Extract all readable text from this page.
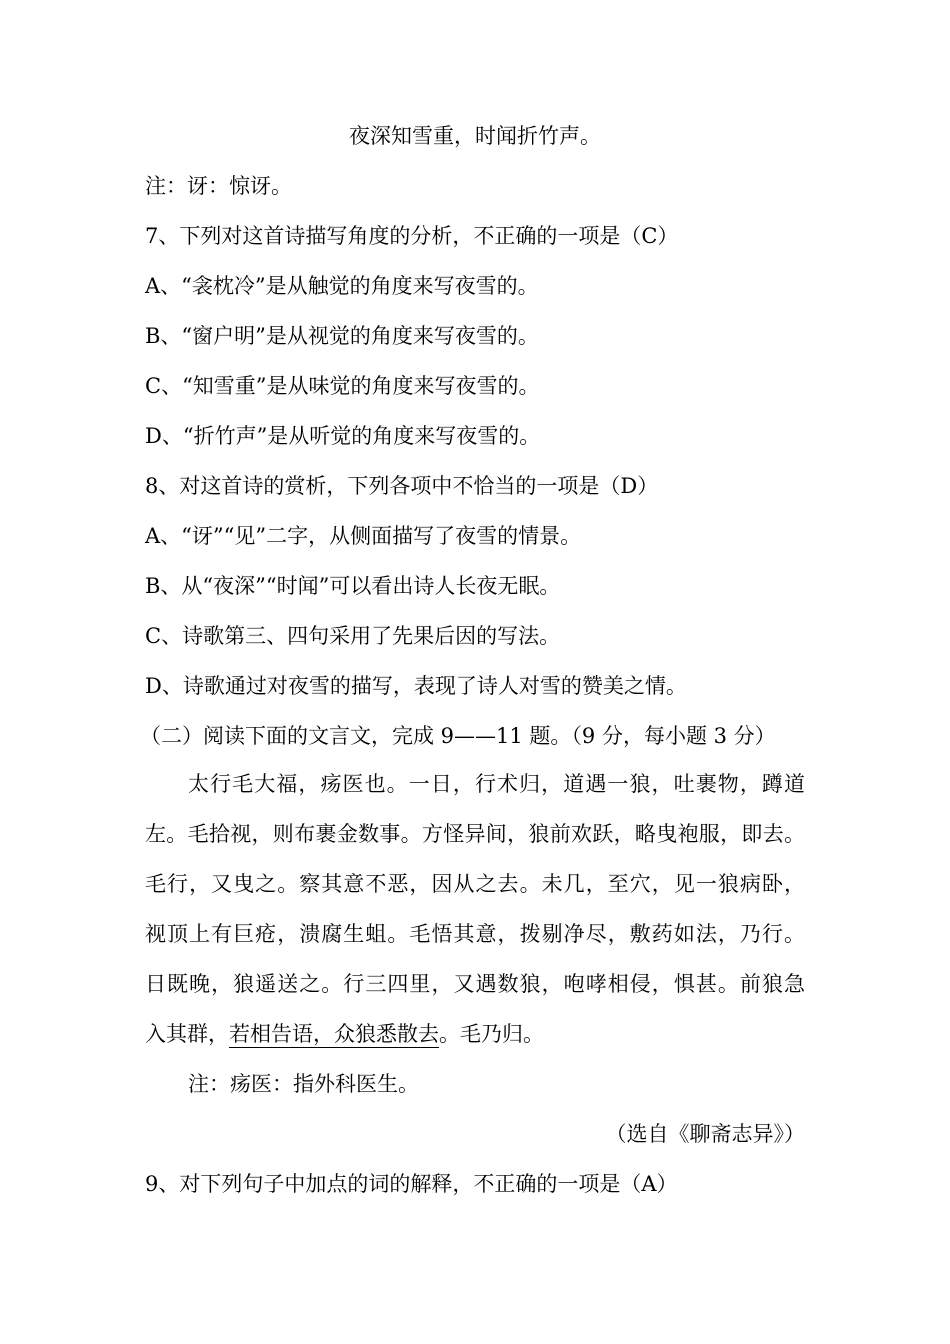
夜深知雪重，时闻折竹声。
注：讶：惊讶。
7、下列对这首诗描写角度的分析，不正确的一项是（C）
A、“衾枕冷”是从触觉的角度来写夜雪的。
B、“窗户明”是从视觉的角度来写夜雪的。
C、“知雪重”是从味觉的角度来写夜雪的。
D、“折竹声”是从听觉的角度来写夜雪的。
8、对这首诗的赏析，下列各项中不恰当的一项是（D）
A、“讶”“见”二字，从侧面描写了夜雪的情景。
B、从“夜深”“时闻”可以看出诗人长夜无眠。
C、诗歌第三、四句采用了先果后因的写法。
D、诗歌通过对夜雪的描写，表现了诗人对雪的赞美之情。
（二）阅读下面的文言文，完成 9——11 题。（9 分，每小题 3 分）
太行毛大福，疡医也。一日，行术归，道遇一狼，吐裹物，蹲道
左。毛拾视，则布裹金数事。方怪异间，狼前欢跃，略曳袍服，即去。
毛行，又曳之。察其意不恶，因从之去。未几，至穴，见一狼病卧，
视顶上有巨疮，溃腐生蛆。毛悟其意，拨剔净尽，敷药如法，乃行。
日既晚，狼遥送之。行三四里，又遇数狼，咆哮相侵，惧甚。前狼急
入其群，若相告语，众狼悉散去。毛乃归。
注：疡医：指外科医生。
（选自《聊斋志异》）
9、对下列句子中加点的词的解释，不正确的一项是（A）
